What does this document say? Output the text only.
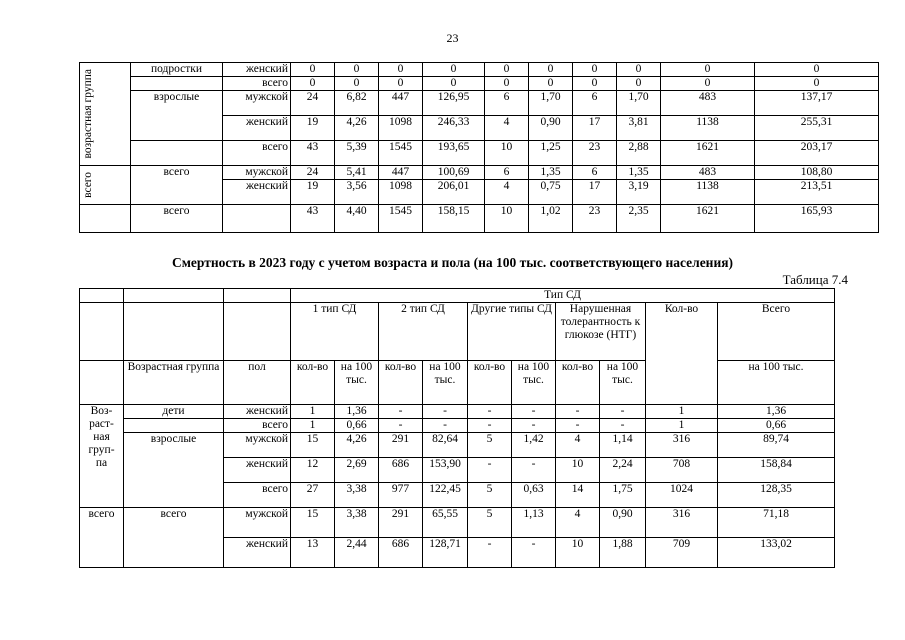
23
возрастная группа	подростки	женский	0	0	0	0	0	0	0	0	0	0
		всего	0	0	0	0	0	0	0	0	0	0
	взрослые	мужской	24	6,82	447	126,95	6	1,70	6	1,70	483	137,17
		женский	19	4,26	1098	246,33	4	0,90	17	3,81	1138	255,31
		всего	43	5,39	1545	193,65	10	1,25	23	2,88	1621	203,17

всего	всего	мужской	24	5,41	447	100,69	6	1,35	6	1,35	483	108,80
		женский	19	3,56	1098	206,01	4	0,75	17	3,19	1138	213,51
	всего		43	4,40	1545	158,15	10	1,02	23	2,35	1621	165,93
Смертность в 2023 году с учетом возраста и пола (на 100 тыс. соответствующего населения)
Таблица 7.4
			Тип СД									
			1 тип СД		2 тип СД		Другие типы СД		Нарушенная толерантность к глюкозе (НТГ)		Кол-во	Всего
	Возрастная группа	пол	кол-во	на 100 тыс.	кол-во	на 100 тыс.	кол-во	на 100 тыс.	кол-во	на 100 тыс.		на 100 тыс.
Воз- раст- ная груп- па	дети	женский	1	1,36	-	-	-	-	-	-	1	1,36
		всего	1	0,66	-	-	-	-	-	-	1	0,66
	взрослые	мужской	15	4,26	291	82,64	5	1,42	4	1,14	316	89,74
		женский	12	2,69	686	153,90	-	-	10	2,24	708	158,84
		всего	27	3,38	977	122,45	5	0,63	14	1,75	1024	128,35
всего	всего	мужской	15	3,38	291	65,55	5	1,13	4	0,90	316	71,18
		женский	13	2,44	686	128,71	-	-	10	1,88	709	133,02
